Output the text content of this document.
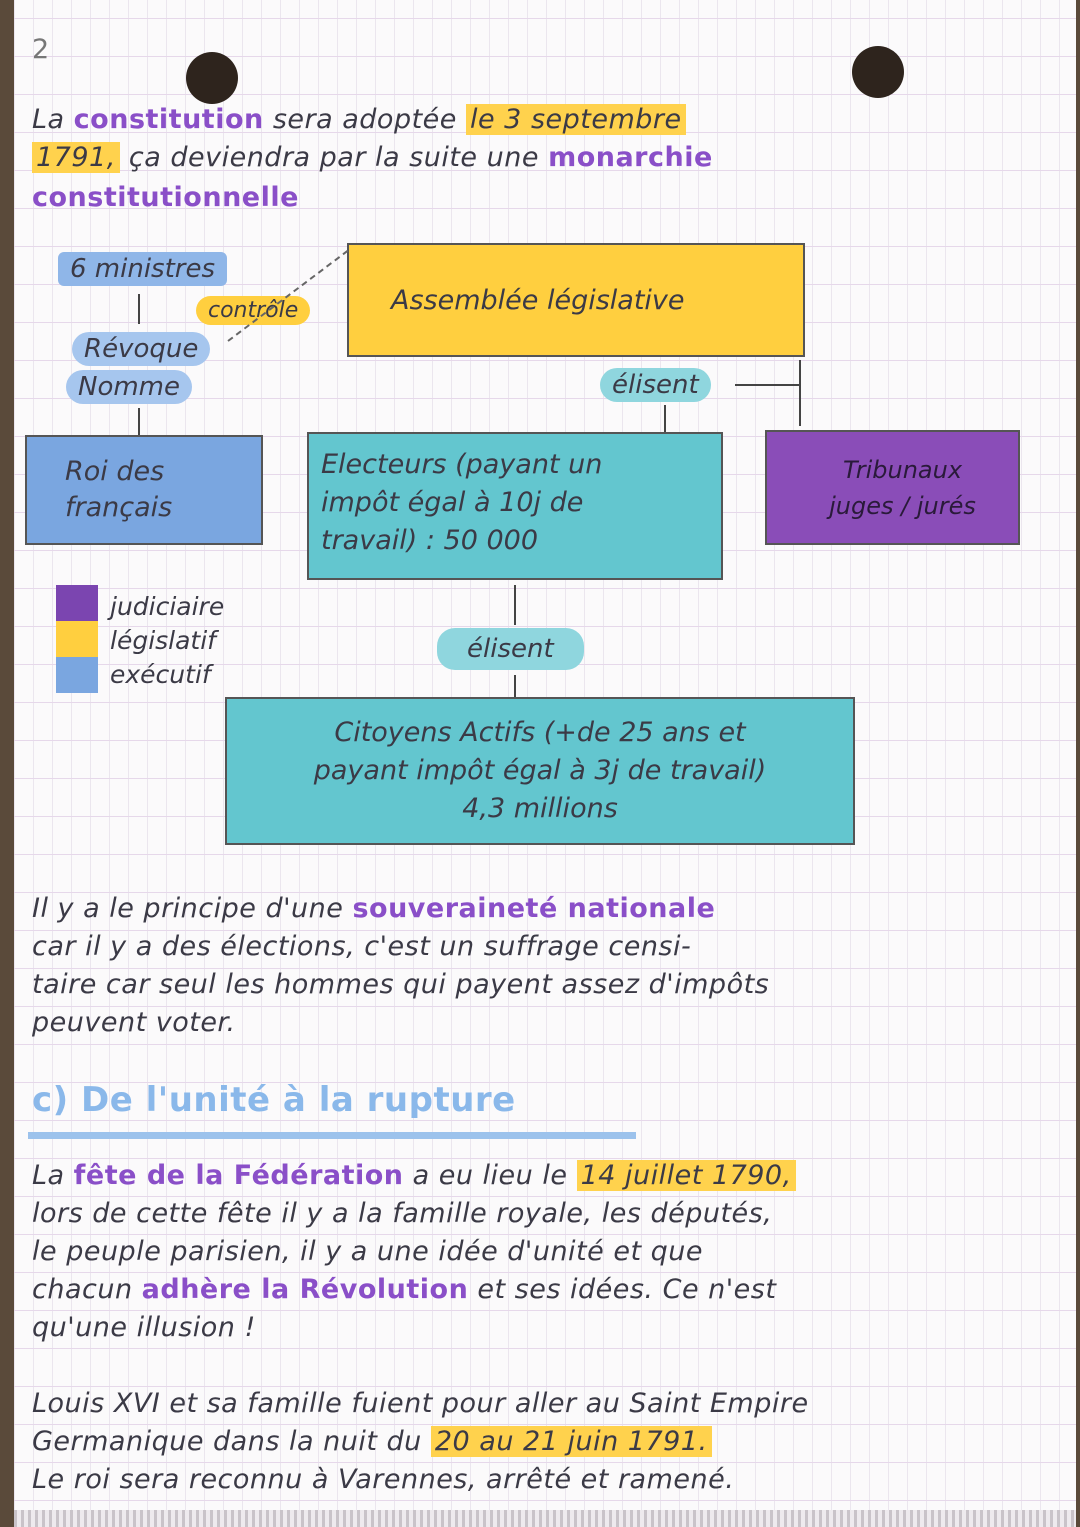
2
La constitution sera adoptée le 3 septembre
1791, ça deviendra par la suite une monarchie
constitutionnelle
6 ministres
Assemblée législative
contrôle
Révoque
Nomme
Roi des
français
Electeurs (payant un
impôt égal à 10j de
travail) : 50 000
Tribunaux
juges / jurés
élisent
judiciaire
législatif
exécutif
élisent
Citoyens Actifs (+de 25 ans et
payant impôt égal à 3j de travail)
4,3 millions
Il y a le principe d'une souveraineté nationale
car il y a des élections, c'est un suffrage censi-
taire car seul les hommes qui payent assez d'impôts
peuvent voter.
c) De l'unité à la rupture
La fête de la Fédération a eu lieu le 14 juillet 1790,
lors de cette fête il y a la famille royale, les députés,
le peuple parisien, il y a une idée d'unité et que
chacun adhère la Révolution et ses idées. Ce n'est
qu'une illusion !
Louis XVI et sa famille fuient pour aller au Saint Empire
Germanique dans la nuit du 20 au 21 juin 1791.
Le roi sera reconnu à Varennes, arrêté et ramené.
